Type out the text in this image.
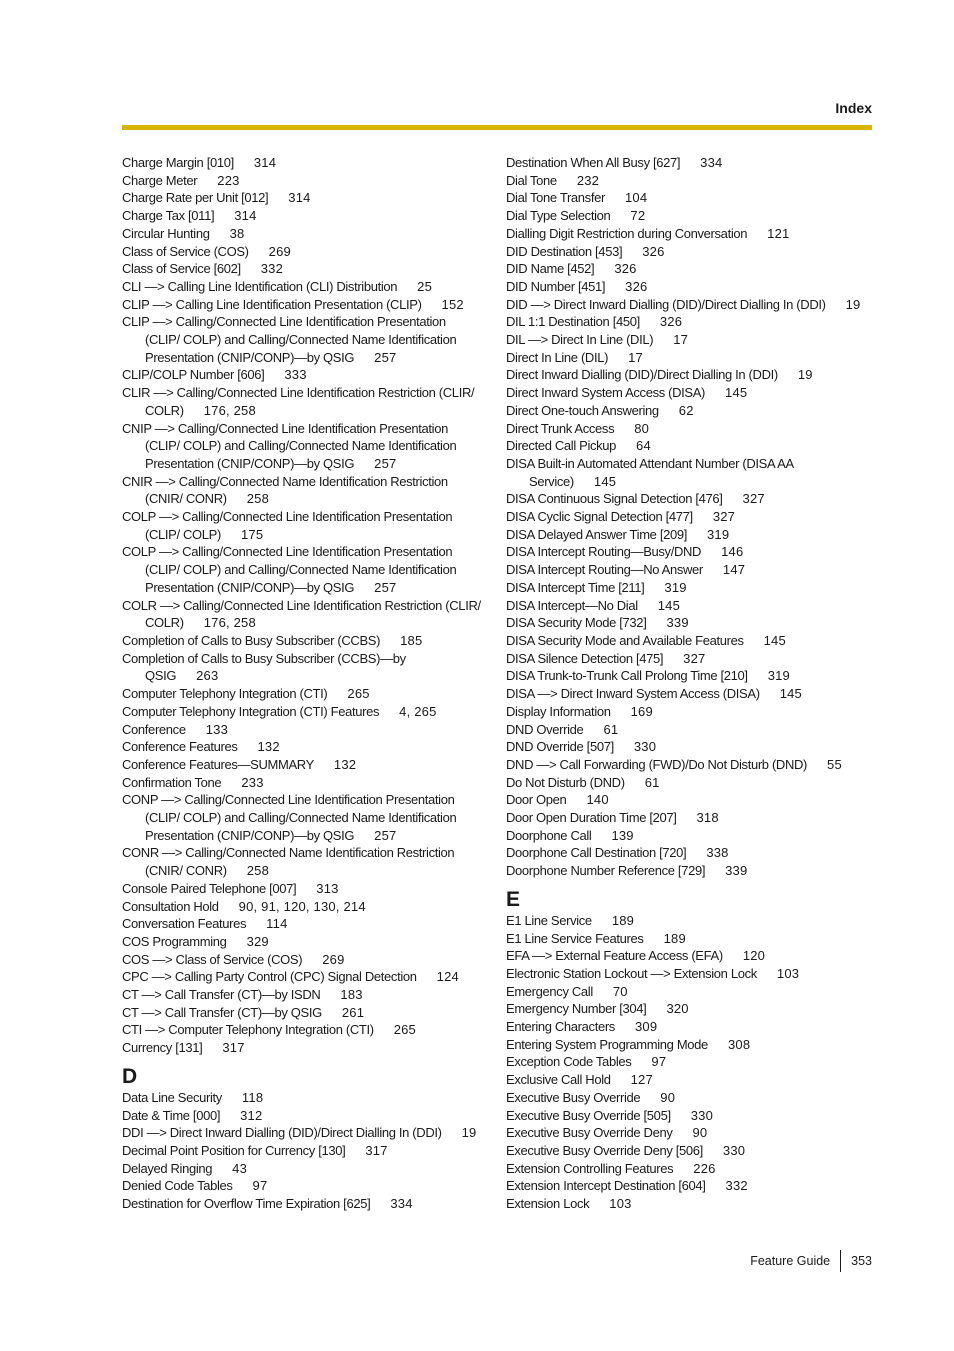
Index
Charge Margin [010] 314
Charge Meter 223
Charge Rate per Unit [012] 314
Charge Tax [011] 314
Circular Hunting 38
Class of Service (COS) 269
Class of Service [602] 332
CLI —> Calling Line Identification (CLI) Distribution 25
CLIP —> Calling Line Identification Presentation (CLIP) 152
CLIP —> Calling/Connected Line Identification Presentation (CLIP/ COLP) and Calling/Connected Name Identification Presentation (CNIP/CONP)—by QSIG 257
CLIP/COLP Number [606] 333
CLIR —> Calling/Connected Line Identification Restriction (CLIR/ COLR) 176, 258
CNIP —> Calling/Connected Line Identification Presentation (CLIP/ COLP) and Calling/Connected Name Identification Presentation (CNIP/CONP)—by QSIG 257
CNIR —> Calling/Connected Name Identification Restriction (CNIR/ CONR) 258
COLP —> Calling/Connected Line Identification Presentation (CLIP/ COLP) 175
COLP —> Calling/Connected Line Identification Presentation (CLIP/ COLP) and Calling/Connected Name Identification Presentation (CNIP/CONP)—by QSIG 257
COLR —> Calling/Connected Line Identification Restriction (CLIR/ COLR) 176, 258
Completion of Calls to Busy Subscriber (CCBS) 185
Completion of Calls to Busy Subscriber (CCBS)—by QSIG 263
Computer Telephony Integration (CTI) 265
Computer Telephony Integration (CTI) Features 4, 265
Conference 133
Conference Features 132
Conference Features—SUMMARY 132
Confirmation Tone 233
CONP —> Calling/Connected Line Identification Presentation (CLIP/ COLP) and Calling/Connected Name Identification Presentation (CNIP/CONP)—by QSIG 257
CONR —> Calling/Connected Name Identification Restriction (CNIR/ CONR) 258
Console Paired Telephone [007] 313
Consultation Hold 90, 91, 120, 130, 214
Conversation Features 114
COS Programming 329
COS —> Class of Service (COS) 269
CPC —> Calling Party Control (CPC) Signal Detection 124
CT —> Call Transfer (CT)—by ISDN 183
CT —> Call Transfer (CT)—by QSIG 261
CTI —> Computer Telephony Integration (CTI) 265
Currency [131] 317
D
Data Line Security 118
Date & Time [000] 312
DDI —> Direct Inward Dialling (DID)/Direct Dialling In (DDI) 19
Decimal Point Position for Currency [130] 317
Delayed Ringing 43
Denied Code Tables 97
Destination for Overflow Time Expiration [625] 334
Destination When All Busy [627] 334
Dial Tone 232
Dial Tone Transfer 104
Dial Type Selection 72
Dialling Digit Restriction during Conversation 121
DID Destination [453] 326
DID Name [452] 326
DID Number [451] 326
DID —> Direct Inward Dialling (DID)/Direct Dialling In (DDI) 19
DIL 1:1 Destination [450] 326
DIL —> Direct In Line (DIL) 17
Direct In Line (DIL) 17
Direct Inward Dialling (DID)/Direct Dialling In (DDI) 19
Direct Inward System Access (DISA) 145
Direct One-touch Answering 62
Direct Trunk Access 80
Directed Call Pickup 64
DISA Built-in Automated Attendant Number (DISA AA Service) 145
DISA Continuous Signal Detection [476] 327
DISA Cyclic Signal Detection [477] 327
DISA Delayed Answer Time [209] 319
DISA Intercept Routing—Busy/DND 146
DISA Intercept Routing—No Answer 147
DISA Intercept Time [211] 319
DISA Intercept—No Dial 145
DISA Security Mode [732] 339
DISA Security Mode and Available Features 145
DISA Silence Detection [475] 327
DISA Trunk-to-Trunk Call Prolong Time [210] 319
DISA —> Direct Inward System Access (DISA) 145
Display Information 169
DND Override 61
DND Override [507] 330
DND —> Call Forwarding (FWD)/Do Not Disturb (DND) 55
Do Not Disturb (DND) 61
Door Open 140
Door Open Duration Time [207] 318
Doorphone Call 139
Doorphone Call Destination [720] 338
Doorphone Number Reference [729] 339
E
E1 Line Service 189
E1 Line Service Features 189
EFA —> External Feature Access (EFA) 120
Electronic Station Lockout —> Extension Lock 103
Emergency Call 70
Emergency Number [304] 320
Entering Characters 309
Entering System Programming Mode 308
Exception Code Tables 97
Exclusive Call Hold 127
Executive Busy Override 90
Executive Busy Override [505] 330
Executive Busy Override Deny 90
Executive Busy Override Deny [506] 330
Extension Controlling Features 226
Extension Intercept Destination [604] 332
Extension Lock 103
Feature Guide 353
